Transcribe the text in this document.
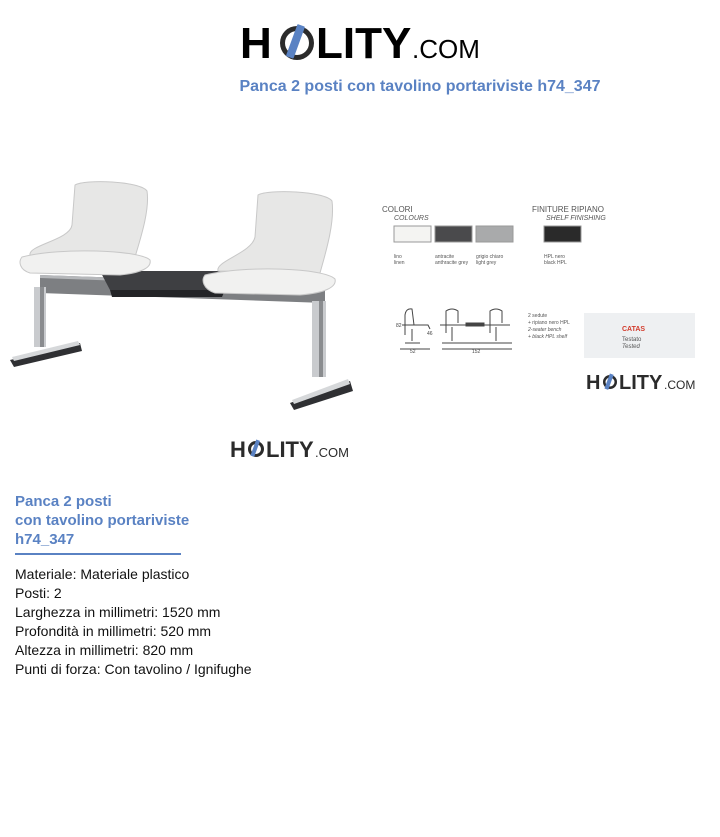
H LITY .COM
Panca 2 posti con tavolino portariviste h74_347
H LITY .COM
COLORI
COLOURS
FINITURE RIPIANO
SHELF FINISHING
lino
linen
antracite
anthracite grey
grigio chiaro
light grey
HPL nero
black HPL
82
46
52	152
2 sedute
+ ripiano nero HPL
2-seater bench
+ black HPL shelf
CATAS
Testato
Tested
H LITY .COM
Panca 2 posti
con tavolino portariviste
h74_347
Materiale: Materiale plastico
Posti: 2
Larghezza in millimetri: 1520 mm
Profondità in millimetri: 520 mm
Altezza in millimetri: 820 mm
Punti di forza: Con tavolino / Ignifughe
